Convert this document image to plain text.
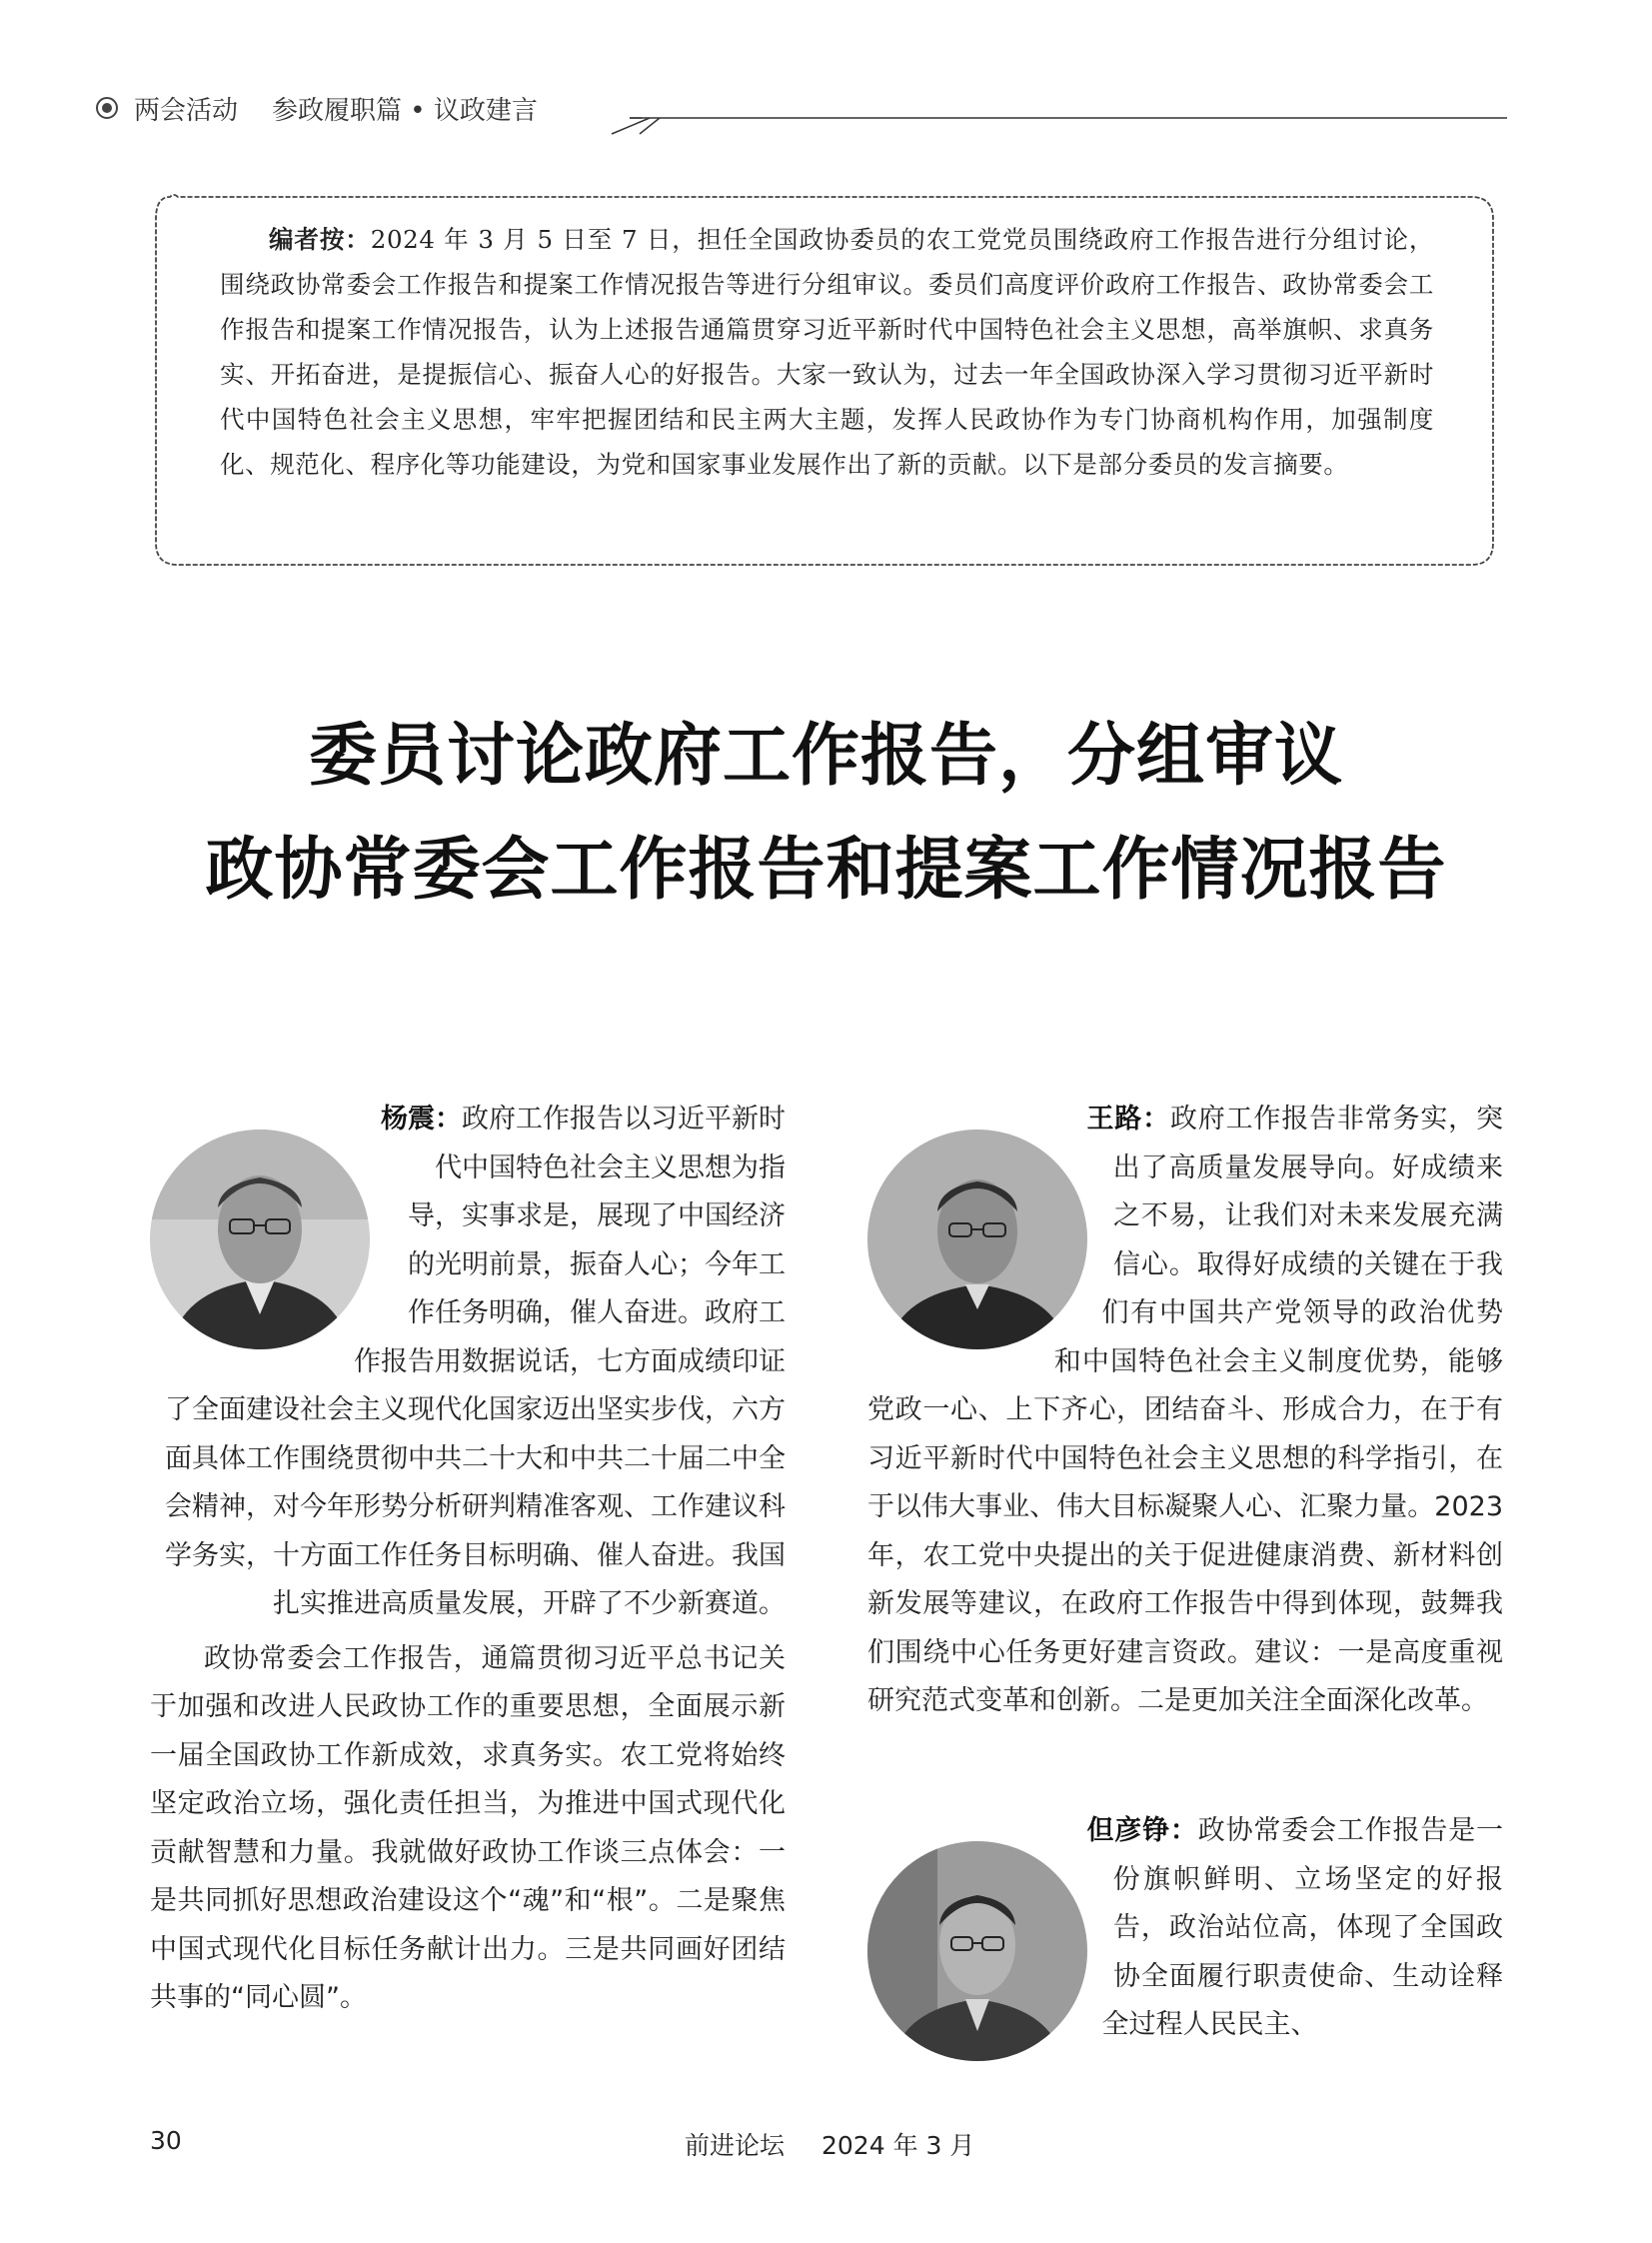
两会活动 参政履职篇 • 议政建言
编者按：2024 年 3 月 5 日至 7 日，担任全国政协委员的农工党党员围绕政府工作报告进行分组讨论，围绕政协常委会工作报告和提案工作情况报告等进行分组审议。委员们高度评价政府工作报告、政协常委会工作报告和提案工作情况报告，认为上述报告通篇贯穿习近平新时代中国特色社会主义思想，高举旗帜、求真务实、开拓奋进，是提振信心、振奋人心的好报告。大家一致认为，过去一年全国政协深入学习贯彻习近平新时代中国特色社会主义思想，牢牢把握团结和民主两大主题，发挥人民政协作为专门协商机构作用，加强制度化、规范化、程序化等功能建设，为党和国家事业发展作出了新的贡献。以下是部分委员的发言摘要。
委员讨论政府工作报告，分组审议
政协常委会工作报告和提案工作情况报告

杨震：政府工作报告以习近平新时代中国特色社会主义思想为指导，实事求是，展现了中国经济的光明前景，振奋人心；今年工作任务明确，催人奋进。政府工作报告用数据说话，七方面成绩印证了全面建设社会主义现代化国家迈出坚实步伐，六方面具体工作围绕贯彻中共二十大和中共二十届二中全会精神，对今年形势分析研判精准客观、工作建议科学务实，十方面工作任务目标明确、催人奋进。我国扎实推进高质量发展，开辟了不少新赛道。

政协常委会工作报告，通篇贯彻习近平总书记关于加强和改进人民政协工作的重要思想，全面展示新一届全国政协工作新成效，求真务实。农工党将始终坚定政治立场，强化责任担当，为推进中国式现代化贡献智慧和力量。我就做好政协工作谈三点体会：一是共同抓好思想政治建设这个“魂”和“根”。二是聚焦中国式现代化目标任务献计出力。三是共同画好团结共事的“同心圆”。

王路：政府工作报告非常务实，突出了高质量发展导向。好成绩来之不易，让我们对未来发展充满信心。取得好成绩的关键在于我们有中国共产党领导的政治优势和中国特色社会主义制度优势，能够党政一心、上下齐心，团结奋斗、形成合力，在于有习近平新时代中国特色社会主义思想的科学指引，在于以伟大事业、伟大目标凝聚人心、汇聚力量。2023 年，农工党中央提出的关于促进健康消费、新材料创新发展等建议，在政府工作报告中得到体现，鼓舞我们围绕中心任务更好建言资政。建议：一是高度重视研究范式变革和创新。二是更加关注全面深化改革。

但彦铮：政协常委会工作报告是一份旗帜鲜明、立场坚定的好报告，政治站位高，体现了全国政协全面履行职责使命、生动诠释全过程人民民主、

30	前进论坛 2024 年 3 月
